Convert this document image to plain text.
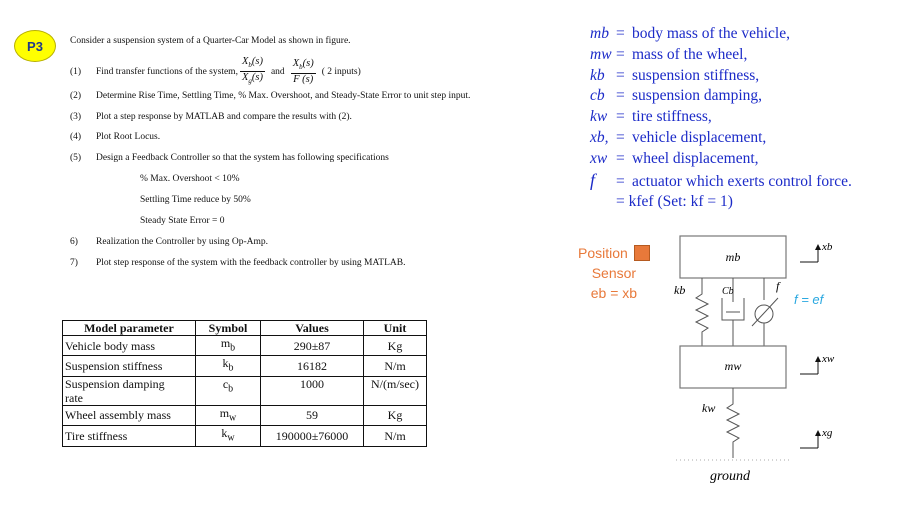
P3	Consider a suspension system of a Quarter-Car Model as shown in figure.
(1)	Find transfer functions of the system, $\frac{X_b(s)}{X_g(s)}$ and $\frac{X_b(s)}{F (s)}$ ( 2 inputs)
(2) Determine Rise Time, Settling Time, % Max. Overshoot, and Steady-State Error to unit step input.
(3) Plot a step response by MATLAB and compare the results with (2).
(4) Plot Root Locus.
(5) Design a Feedback Controller so that the system has following specifications
% Max. Overshoot < 10%
Settling Time reduce by 50%
Steady State Error = 0
6) Realization the Controller by using Op-Amp.
7) Plot step response of the system with the feedback controller by using MATLAB.
Model parameter	Symbol	Values	Unit
Vehicle body mass	$m_b$	290±87	Kg
Suspension stiffness	$k_b$	16182	N/m
Suspension damping
rate	$c_b$	1000	N/(m/sec)
Wheel assembly mass	$m_w$	59	Kg
Tire stiffness	$k_w$	190000±76000	N/m
mb = body mass of the vehicle,
mw = mass of the wheel,
kb = suspension stiffness,
cb = suspension damping,
kw = tire stiffness,
xb, = vehicle displacement,
xw = wheel displacement,
f = actuator which exerts control force.
= kfef (Set: kf = 1)
Position
Sensor
eb = xb
mb
kb	Cb	f
mw
kw
ground
xb
f = ef
xw
xg
